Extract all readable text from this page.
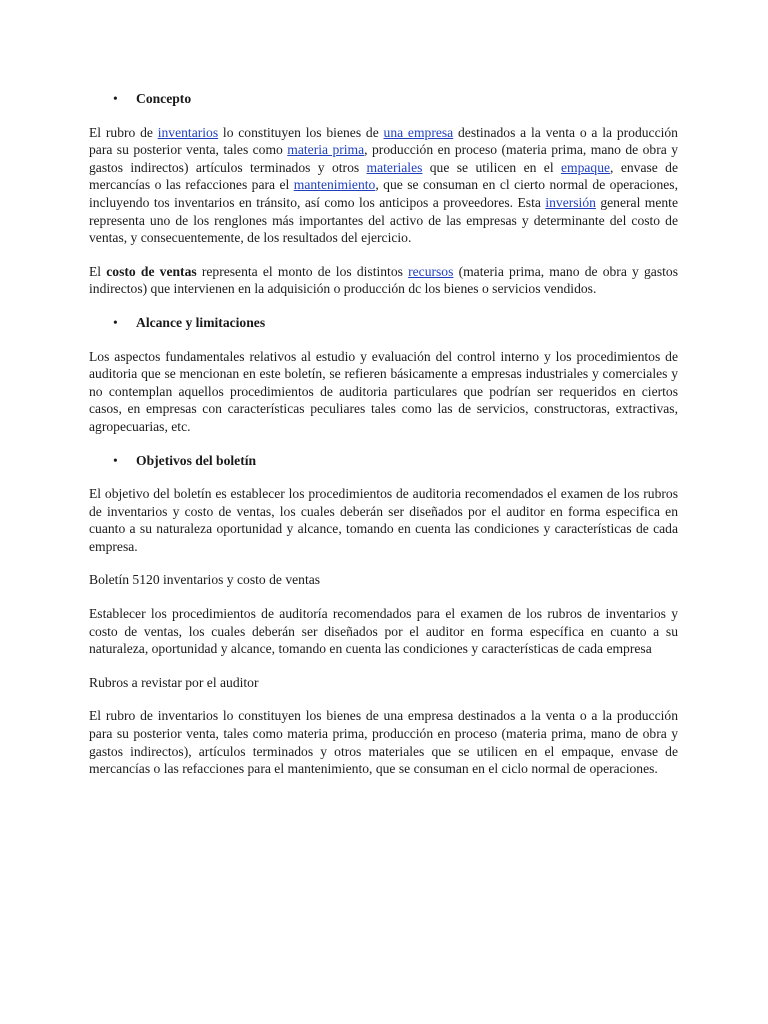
• Concepto

El rubro de inventarios lo constituyen los bienes de una empresa destinados a la venta o a la producción para su posterior venta, tales como materia prima, producción en proceso (materia prima, mano de obra y gastos indirectos) artículos terminados y otros materiales que se utilicen en el empaque, envase de mercancías o las refacciones para el mantenimiento, que se consuman en cl cierto normal de operaciones, incluyendo tos inventarios en tránsito, así como los anticipos a proveedores. Esta inversión general mente representa uno de los renglones más importantes del activo de las empresas y determinante del costo de ventas, y consecuentemente, de los resultados del ejercicio.

El costo de ventas representa el monto de los distintos recursos (materia prima, mano de obra y gastos indirectos) que intervienen en la adquisición o producción dc los bienes o servicios vendidos.

• Alcance y limitaciones

Los aspectos fundamentales relativos al estudio y evaluación del control interno y los procedimientos de auditoria que se mencionan en este boletín, se refieren básicamente a empresas industriales y comerciales y no contemplan aquellos procedimientos de auditoria particulares que podrían ser requeridos en ciertos casos, en empresas con características peculiares tales como las de servicios, constructoras, extractivas, agropecuarias, etc.

• Objetivos del boletín

El objetivo del boletín es establecer los procedimientos de auditoria recomendados el examen de los rubros de inventarios y costo de ventas, los cuales deberán ser diseñados por el auditor en forma especifica en cuanto a su naturaleza oportunidad y alcance, tomando en cuenta las condiciones y características de cada empresa.

Boletín 5120 inventarios y costo de ventas

Establecer los procedimientos de auditoría recomendados para el examen de los rubros de inventarios y costo de ventas, los cuales deberán ser diseñados por el auditor en forma específica en cuanto a su naturaleza, oportunidad y alcance, tomando en cuenta las condiciones y características de cada empresa

Rubros a revistar por el auditor

El rubro de inventarios lo constituyen los bienes de una empresa destinados a la venta o a la producción para su posterior venta, tales como materia prima, producción en proceso (materia prima, mano de obra y gastos indirectos), artículos terminados y otros materiales que se utilicen en el empaque, envase de mercancías o las refacciones para el mantenimiento, que se consuman en el ciclo normal de operaciones.
